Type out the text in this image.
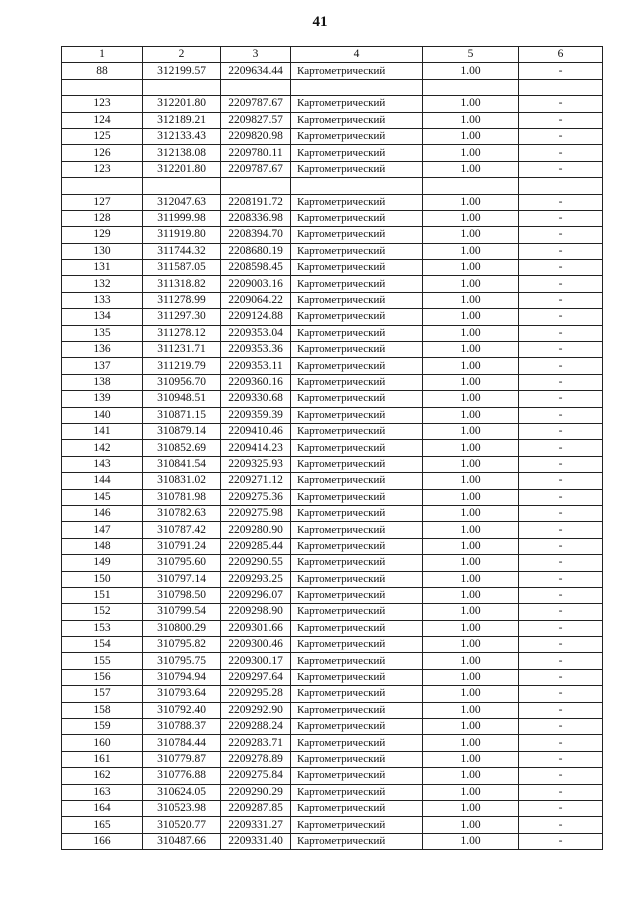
41
1	2	3	4	5	6
88	312199.57	2209634.44	Картометрический	1.00	-

123	312201.80	2209787.67	Картометрический	1.00	-
124	312189.21	2209827.57	Картометрический	1.00	-
125	312133.43	2209820.98	Картометрический	1.00	-
126	312138.08	2209780.11	Картометрический	1.00	-
123	312201.80	2209787.67	Картометрический	1.00	-

127	312047.63	2208191.72	Картометрический	1.00	-
128	311999.98	2208336.98	Картометрический	1.00	-
129	311919.80	2208394.70	Картометрический	1.00	-
130	311744.32	2208680.19	Картометрический	1.00	-
131	311587.05	2208598.45	Картометрический	1.00	-
132	311318.82	2209003.16	Картометрический	1.00	-
133	311278.99	2209064.22	Картометрический	1.00	-
134	311297.30	2209124.88	Картометрический	1.00	-
135	311278.12	2209353.04	Картометрический	1.00	-
136	311231.71	2209353.36	Картометрический	1.00	-
137	311219.79	2209353.11	Картометрический	1.00	-
138	310956.70	2209360.16	Картометрический	1.00	-
139	310948.51	2209330.68	Картометрический	1.00	-
140	310871.15	2209359.39	Картометрический	1.00	-
141	310879.14	2209410.46	Картометрический	1.00	-
142	310852.69	2209414.23	Картометрический	1.00	-
143	310841.54	2209325.93	Картометрический	1.00	-
144	310831.02	2209271.12	Картометрический	1.00	-
145	310781.98	2209275.36	Картометрический	1.00	-
146	310782.63	2209275.98	Картометрический	1.00	-
147	310787.42	2209280.90	Картометрический	1.00	-
148	310791.24	2209285.44	Картометрический	1.00	-
149	310795.60	2209290.55	Картометрический	1.00	-
150	310797.14	2209293.25	Картометрический	1.00	-
151	310798.50	2209296.07	Картометрический	1.00	-
152	310799.54	2209298.90	Картометрический	1.00	-
153	310800.29	2209301.66	Картометрический	1.00	-
154	310795.82	2209300.46	Картометрический	1.00	-
155	310795.75	2209300.17	Картометрический	1.00	-
156	310794.94	2209297.64	Картометрический	1.00	-
157	310793.64	2209295.28	Картометрический	1.00	-
158	310792.40	2209292.90	Картометрический	1.00	-
159	310788.37	2209288.24	Картометрический	1.00	-
160	310784.44	2209283.71	Картометрический	1.00	-
161	310779.87	2209278.89	Картометрический	1.00	-
162	310776.88	2209275.84	Картометрический	1.00	-
163	310624.05	2209290.29	Картометрический	1.00	-
164	310523.98	2209287.85	Картометрический	1.00	-
165	310520.77	2209331.27	Картометрический	1.00	-
166	310487.66	2209331.40	Картометрический	1.00	-
